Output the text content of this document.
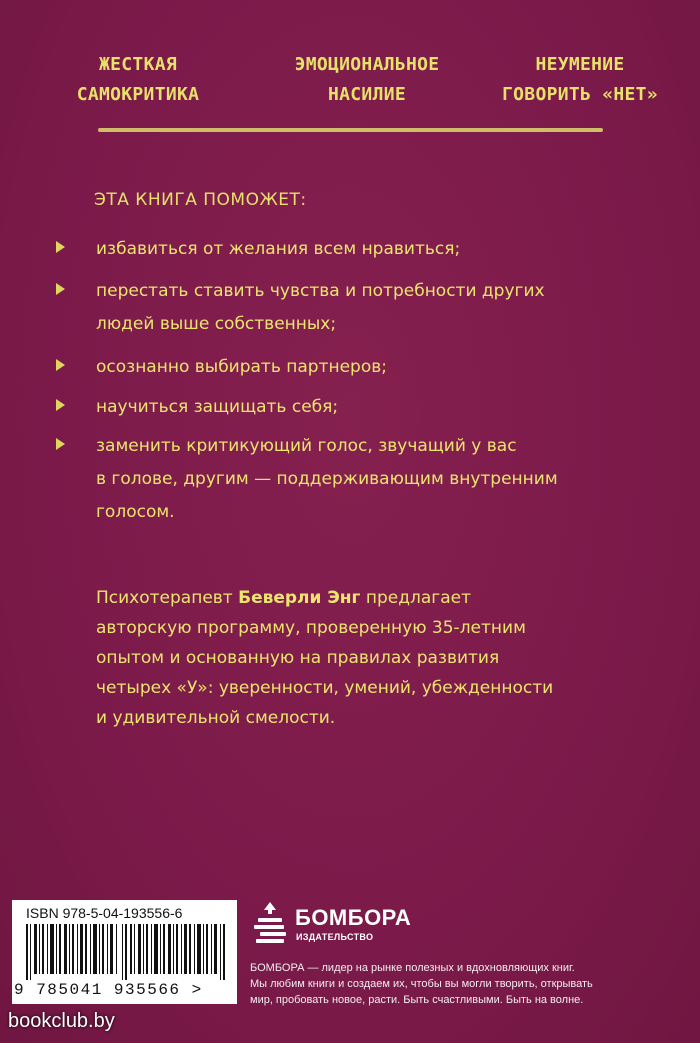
ЖЕСТКАЯ
САМОКРИТИКА
ЭМОЦИОНАЛЬНОЕ
НАСИЛИЕ
НЕУМЕНИЕ
ГОВОРИТЬ «НЕТ»
ЭТА КНИГА ПОМОЖЕТ:
избавиться от желания всем нравиться;
перестать ставить чувства и потребности других
людей выше собственных;
осознанно выбирать партнеров;
научиться защищать себя;
заменить критикующий голос, звучащий у вас
в голове, другим — поддерживающим внутренним
голосом.
Психотерапевт Беверли Энг предлагает
авторскую программу, проверенную 35-летним
опытом и основанную на правилах развития
четырех «У»: уверенности, умений, убежденности
и удивительной смелости.
ISBN 978-5-04-193556-6
9 785041 935566 >
БОМБОРА
ИЗДАТЕЛЬСТВО
БОМБОРА — лидер на рынке полезных и вдохновляющих книг.
Мы любим книги и создаем их, чтобы вы могли творить, открывать
мир, пробовать новое, расти. Быть счастливыми. Быть на волне.
bookclub.by
